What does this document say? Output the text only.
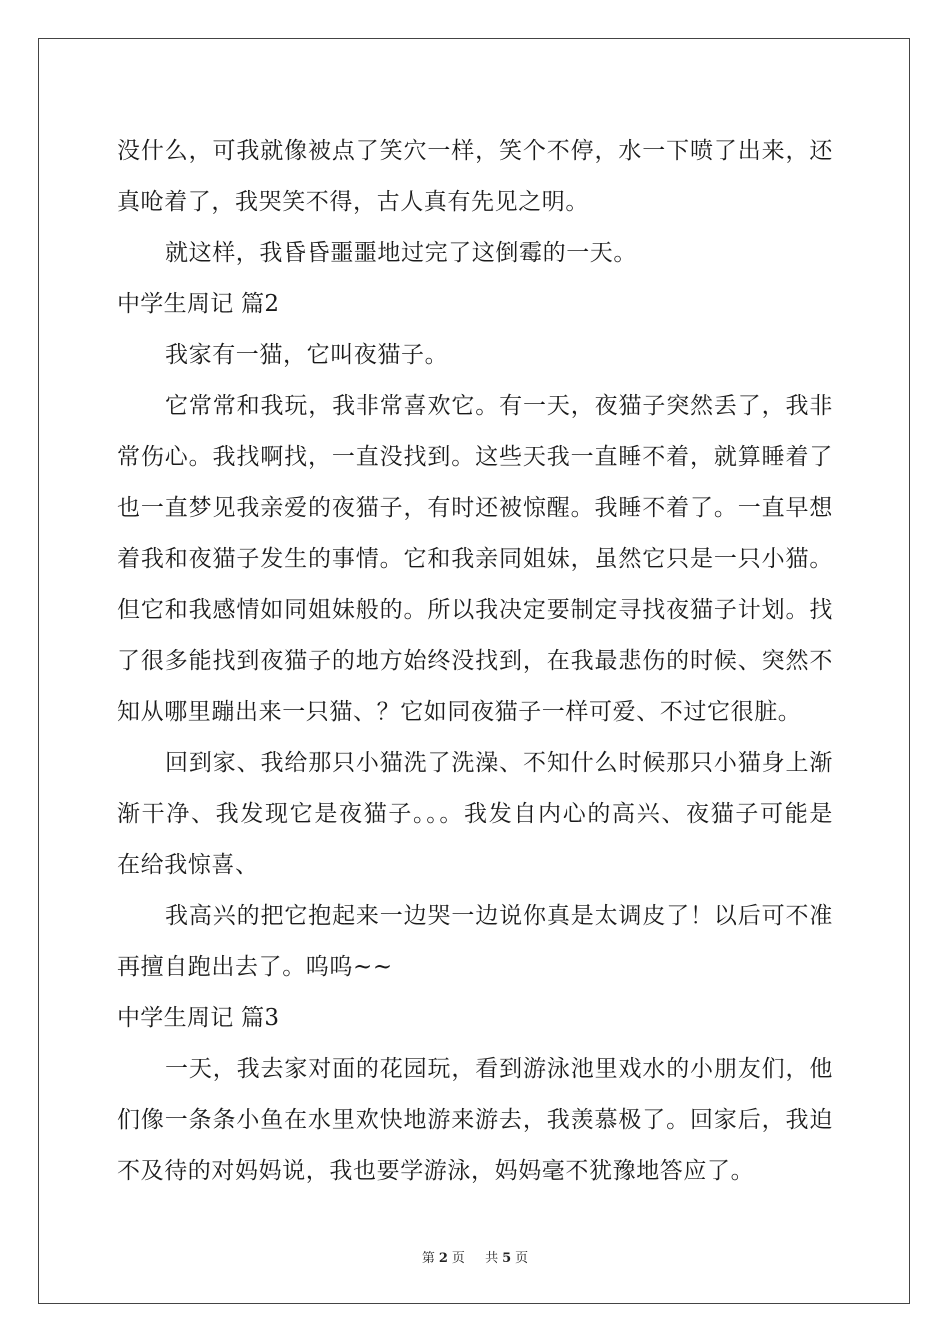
没什么，可我就像被点了笑穴一样，笑个不停，水一下喷了出来，还
真呛着了，我哭笑不得，古人真有先见之明。
就这样，我昏昏噩噩地过完了这倒霉的一天。
中学生周记 篇2
我家有一猫，它叫夜猫子。
它常常和我玩，我非常喜欢它。有一天，夜猫子突然丢了，我非
常伤心。我找啊找，一直没找到。这些天我一直睡不着，就算睡着了
也一直梦见我亲爱的夜猫子，有时还被惊醒。我睡不着了。一直早想
着我和夜猫子发生的事情。它和我亲同姐妹，虽然它只是一只小猫。
但它和我感情如同姐妹般的。所以我决定要制定寻找夜猫子计划。找
了很多能找到夜猫子的地方始终没找到，在我最悲伤的时候、突然不
知从哪里蹦出来一只猫、？它如同夜猫子一样可爱、不过它很脏。
回到家、我给那只小猫洗了洗澡、不知什么时候那只小猫身上渐
渐干净、我发现它是夜猫子。。。我发自内心的高兴、夜猫子可能是
在给我惊喜、
我高兴的把它抱起来一边哭一边说你真是太调皮了！以后可不准
再擅自跑出去了。呜呜~~
中学生周记 篇3
一天，我去家对面的花园玩，看到游泳池里戏水的小朋友们，他
们像一条条小鱼在水里欢快地游来游去，我羡慕极了。回家后，我迫
不及待的对妈妈说，我也要学游泳，妈妈毫不犹豫地答应了。
第 2 页 共 5 页
